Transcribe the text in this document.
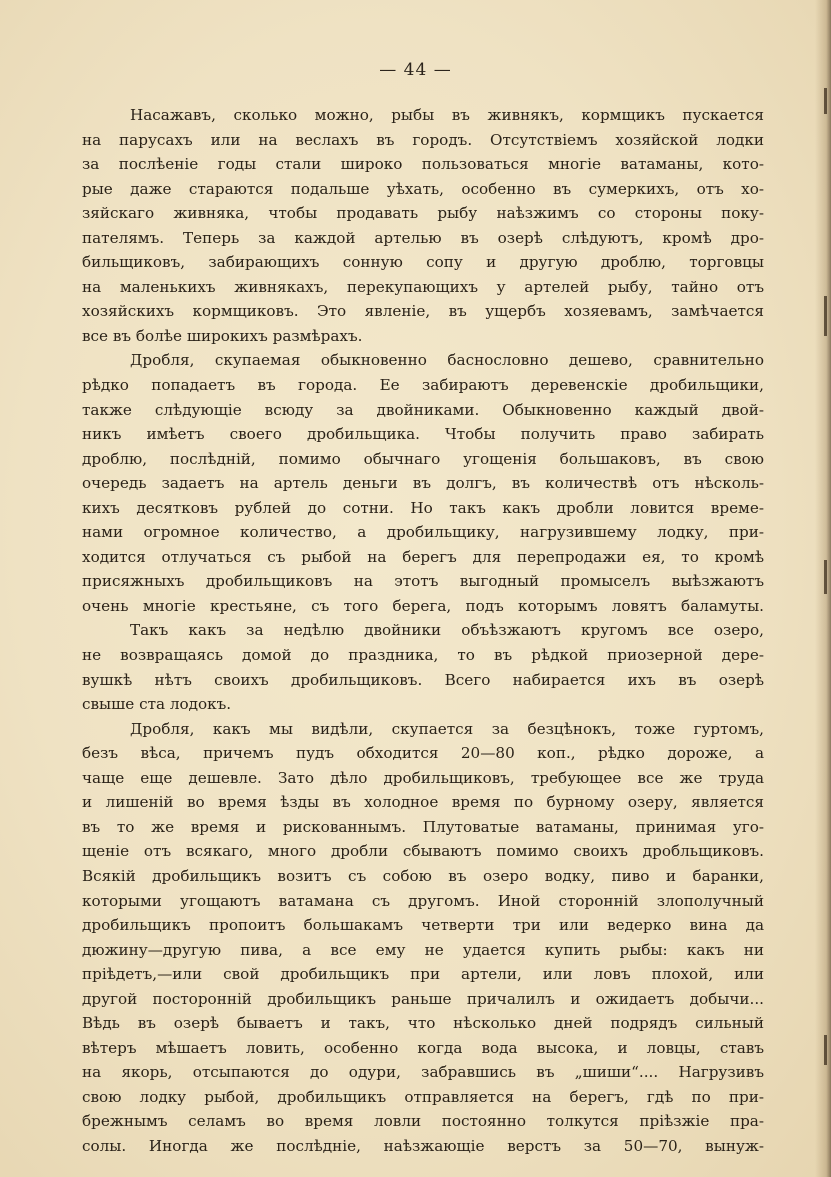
— 44 —
Насажавъ, сколько можно, рыбы въ живнякъ, кормщикъ пускается
на парусахъ или на веслахъ въ городъ. Отсутствіемъ хозяйской лодки
за послѣеніе годы стали широко пользоваться многіе ватаманы, кото-
рые даже стараются подальше уѣхать, особенно въ сумеркихъ, отъ хо-
зяйскаго живняка, чтобы продавать рыбу наѣзжимъ со стороны поку-
пателямъ. Теперь за каждой артелью въ озерѣ слѣдуютъ, кромѣ дро-
бильщиковъ, забирающихъ сонную сопу и другую дроблю, торговцы
на маленькихъ живнякахъ, перекупающихъ у артелей рыбу, тайно отъ
хозяйскихъ кормщиковъ. Это явленіе, въ ущербъ хозяевамъ, замѣчается
все въ болѣе широкихъ размѣрахъ.
Дробля, скупаемая обыкновенно баснословно дешево, сравнительно
рѣдко попадаетъ въ города. Ее забираютъ деревенскіе дробильщики,
также слѣдующіе всюду за двойниками. Обыкновенно каждый двой-
никъ имѣетъ своего дробильщика. Чтобы получить право забирать
дроблю, послѣдній, помимо обычнаго угощенія большаковъ, въ свою
очередь задаетъ на артель деньги въ долгъ, въ количествѣ отъ нѣсколь-
кихъ десятковъ рублей до сотни. Но такъ какъ дробли ловится време-
нами огромное количество, а дробильщику, нагрузившему лодку, при-
ходится отлучаться съ рыбой на берегъ для перепродажи ея, то кромѣ
присяжныхъ дробильщиковъ на этотъ выгодный промыселъ выѣзжаютъ
очень многіе крестьяне, съ того берега, подъ которымъ ловятъ баламуты.
Такъ какъ за недѣлю двойники объѣзжаютъ кругомъ все озеро,
не возвращаясь домой до праздника, то въ рѣдкой приозерной дере-
вушкѣ нѣтъ своихъ дробильщиковъ. Всего набирается ихъ въ озерѣ
свыше ста лодокъ.
Дробля, какъ мы видѣли, скупается за безцѣнокъ, тоже гуртомъ,
безъ вѣса, причемъ пудъ обходится 20—80 коп., рѣдко дороже, а
чаще еще дешевле. Зато дѣло дробильщиковъ, требующее все же труда
и лишеній во время ѣзды въ холодное время по бурному озеру, является
въ то же время и рискованнымъ. Плутоватые ватаманы, принимая уго-
щеніе отъ всякаго, много дробли сбываютъ помимо своихъ дробльщиковъ.
Всякій дробильщикъ возитъ съ собою въ озеро водку, пиво и баранки,
которыми угощаютъ ватамана съ другомъ. Иной сторонній злополучный
дробильщикъ пропоитъ большакамъ четверти три или ведерко вина да
дюжину—другую пива, а все ему не удается купить рыбы: какъ ни
пріѣдетъ,—или свой дробильщикъ при артели, или ловъ плохой, или
другой посторонній дробильщикъ раньше причалилъ и ожидаетъ добычи...
Вѣдь въ озерѣ бываетъ и такъ, что нѣсколько дней подрядъ сильный
вѣтеръ мѣшаетъ ловить, особенно когда вода высока, и ловцы, ставъ
на якорь, отсыпаются до одури, забравшись въ „шиши“.... Нагрузивъ
свою лодку рыбой, дробильщикъ отправляется на берегъ, гдѣ по при-
брежнымъ селамъ во время ловли постоянно толкутся пріѣзжіе пра-
солы. Иногда же послѣдніе, наѣзжающіе верстъ за 50—70, вынуж-
